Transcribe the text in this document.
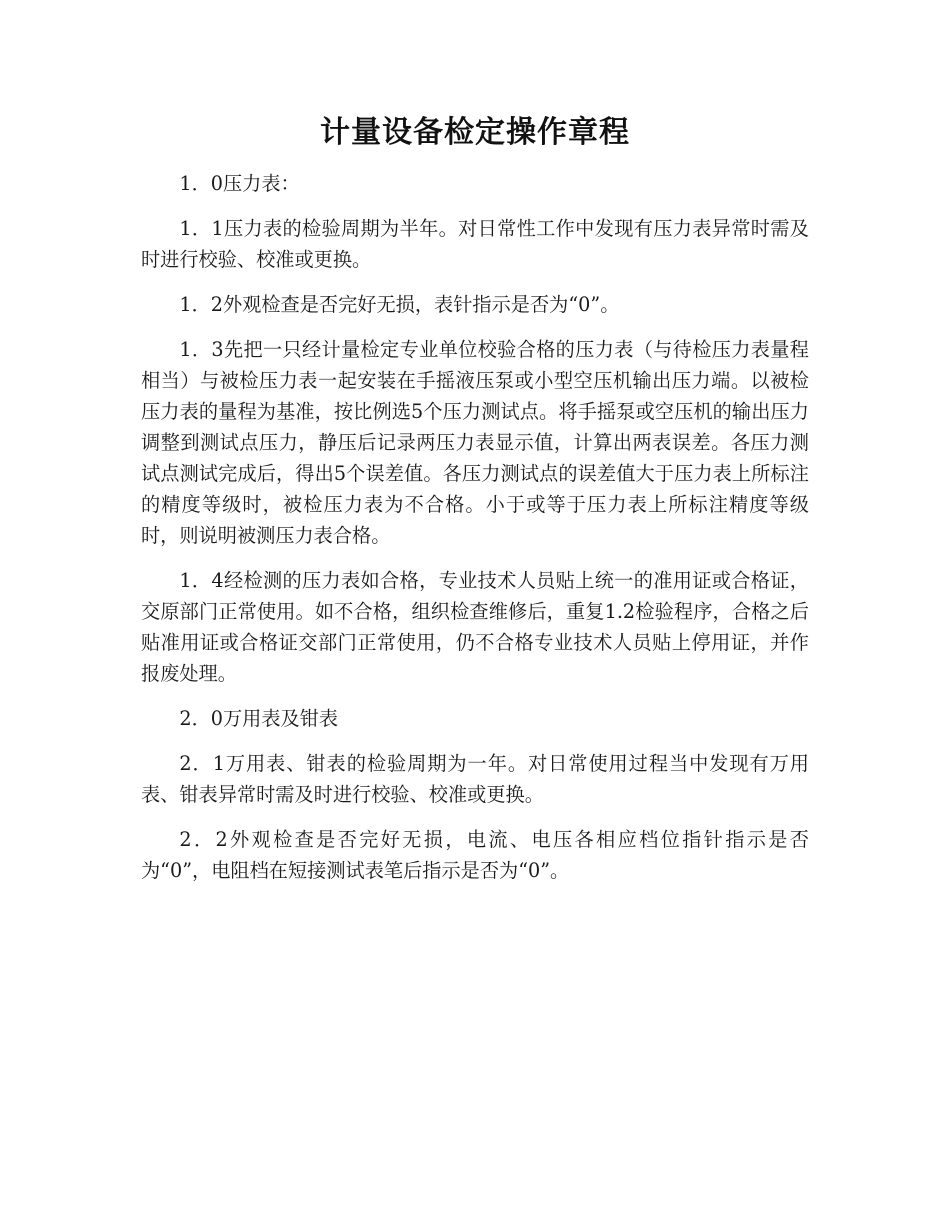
计量设备检定操作章程

1．0压力表：

1．1压力表的检验周期为半年。对日常性工作中发现有压力表异常时需及时进行校验、校准或更换。

1．2外观检查是否完好无损，表针指示是否为“0”。

1．3先把一只经计量检定专业单位校验合格的压力表（与待检压力表量程相当）与被检压力表一起安装在手摇液压泵或小型空压机输出压力端。以被检压力表的量程为基准，按比例选5个压力测试点。将手摇泵或空压机的输出压力调整到测试点压力，静压后记录两压力表显示值，计算出两表误差。各压力测试点测试完成后，得出5个误差值。各压力测试点的误差值大于压力表上所标注的精度等级时，被检压力表为不合格。小于或等于压力表上所标注精度等级时，则说明被测压力表合格。

1．4经检测的压力表如合格，专业技术人员贴上统一的准用证或合格证，交原部门正常使用。如不合格，组织检查维修后，重复1.2检验程序，合格之后贴准用证或合格证交部门正常使用，仍不合格专业技术人员贴上停用证，并作报废处理。

2．0万用表及钳表

2．1万用表、钳表的检验周期为一年。对日常使用过程当中发现有万用表、钳表异常时需及时进行校验、校准或更换。

2．2外观检查是否完好无损，电流、电压各相应档位指针指示是否为“0”，电阻档在短接测试表笔后指示是否为“0”。
